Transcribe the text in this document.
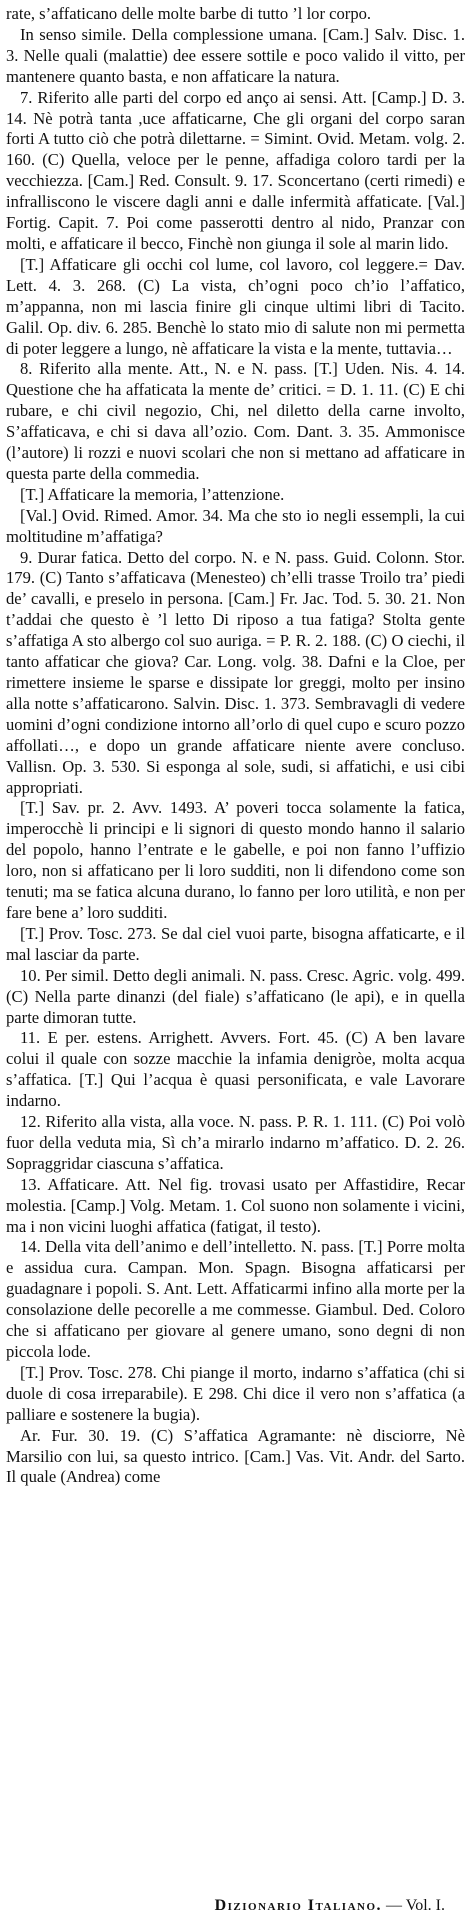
rate, s’affaticano delle molte barbe di tutto ’l lor corpo.

In senso simile. Della complessione umana. [Cam.] Salv. Disc. 1. 3. Nelle quali (malattie) dee essere sottile e poco valido il vitto, per mantenere quanto basta, e non affaticare la natura.

7. Riferito alle parti del corpo ed anço ai sensi. Att. [Camp.] D. 3. 14. Nè potrà tanta ,uce affaticarne, Che gli organi del corpo saran forti A tutto ciò che potrà dilettarne. = Simint. Ovid. Metam. volg. 2. 160. (C) Quella, veloce per le penne, affadiga coloro tardi per la vecchiezza. [Cam.] Red. Consult. 9. 17. Sconcertano (certi rimedi) e infralliscono le viscere dagli anni e dalle infermità affaticate. [Val.] Fortig. Capit. 7. Poi come passerotti dentro al nido, Pranzar con molti, e affaticare il becco, Finchè non giunga il sole al marin lido.

[T.] Affaticare gli occhi col lume, col lavoro, col leggere.= Dav. Lett. 4. 3. 268. (C) La vista, ch’ogni poco ch’io l’affatico, m’appanna, non mi lascia finire gli cinque ultimi libri di Tacito. Galil. Op. div. 6. 285. Benchè lo stato mio di salute non mi permetta di poter leggere a lungo, nè affaticare la vista e la mente, tuttavia…

8. Riferito alla mente. Att., N. e N. pass. [T.] Uden. Nis. 4. 14. Questione che ha affaticata la mente de’ critici. = D. 1. 11. (C) E chi rubare, e chi civil negozio, Chi, nel diletto della carne involto, S’affaticava, e chi si dava all’ozio. Com. Dant. 3. 35. Ammonisce (l’autore) li rozzi e nuovi scolari che non si mettano ad affaticare in questa parte della commedia.

[T.] Affaticare la memoria, l’attenzione.

[Val.] Ovid. Rimed. Amor. 34. Ma che sto io negli essempli, la cui moltitudine m’affatiga?

9. Durar fatica. Detto del corpo. N. e N. pass. Guid. Colonn. Stor. 179. (C) Tanto s’affaticava (Menesteo) ch’elli trasse Troilo tra’ piedi de’ cavalli, e preselo in persona. [Cam.] Fr. Jac. Tod. 5. 30. 21. Non t’addai che questo è ’l letto Di riposo a tua fatiga? Stolta gente s’affatiga A sto albergo col suo auriga. = P. R. 2. 188. (C) O ciechi, il tanto affaticar che giova? Car. Long. volg. 38. Dafni e la Cloe, per rimettere insieme le sparse e dissipate lor greggi, molto per insino alla notte s’affaticarono. Salvin. Disc. 1. 373. Sembravagli di vedere uomini d’ogni condizione intorno all’orlo di quel cupo e scuro pozzo affollati…, e dopo un grande affaticare niente avere concluso. Vallisn. Op. 3. 530. Si esponga al sole, sudi, si affatichi, e usi cibi appropriati.

[T.] Sav. pr. 2. Avv. 1493. A’ poveri tocca solamente la fatica, imperocchè li principi e li signori di questo mondo hanno il salario del popolo, hanno l’entrate e le gabelle, e poi non fanno l’uffizio loro, non si affaticano per li loro sudditi, non li difendono come son tenuti; ma se fatica alcuna durano, lo fanno per loro utilità, e non per fare bene a’ loro sudditi.

[T.] Prov. Tosc. 273. Se dal ciel vuoi parte, bisogna affaticarte, e il mal lasciar da parte.

10. Per simil. Detto degli animali. N. pass. Cresc. Agric. volg. 499. (C) Nella parte dinanzi (del fiale) s’affaticano (le api), e in quella parte dimoran tutte.

11. E per. estens. Arrighett. Avvers. Fort. 45. (C) A ben lavare colui il quale con sozze macchie la infamia denigròe, molta acqua s’affatica. [T.] Qui l’acqua è quasi personificata, e vale Lavorare indarno.

12. Riferito alla vista, alla voce. N. pass. P. R. 1. 111. (C) Poi volò fuor della veduta mia, Sì ch’a mirarlo indarno m’affatico. D. 2. 26. Sopraggridar ciascuna s’affatica.

13. Affaticare. Att. Nel fig. trovasi usato per Affastidire, Recar molestia. [Camp.] Volg. Metam. 1. Col suono non solamente i vicini, ma i non vicini luoghi affatica (fatigat, il testo).

14. Della vita dell’animo e dell’intelletto. N. pass. [T.] Porre molta e assidua cura. Campan. Mon. Spagn. Bisogna affaticarsi per guadagnare i popoli. S. Ant. Lett. Affaticarmi infino alla morte per la consolazione delle pecorelle a me commesse. Giambul. Ded. Coloro che si affaticano per giovare al genere umano, sono degni di non piccola lode.

[T.] Prov. Tosc. 278. Chi piange il morto, indarno s’affatica (chi si duole di cosa irreparabile). E 298. Chi dice il vero non s’affatica (a palliare e sostenere la bugia).

Ar. Fur. 30. 19. (C) S’affatica Agramante: nè disciorre, Nè Marsilio con lui, sa questo intrico. [Cam.] Vas. Vit. Andr. del Sarto. Il quale (Andrea) come

Dizionario Italiano. — Vol. I.
